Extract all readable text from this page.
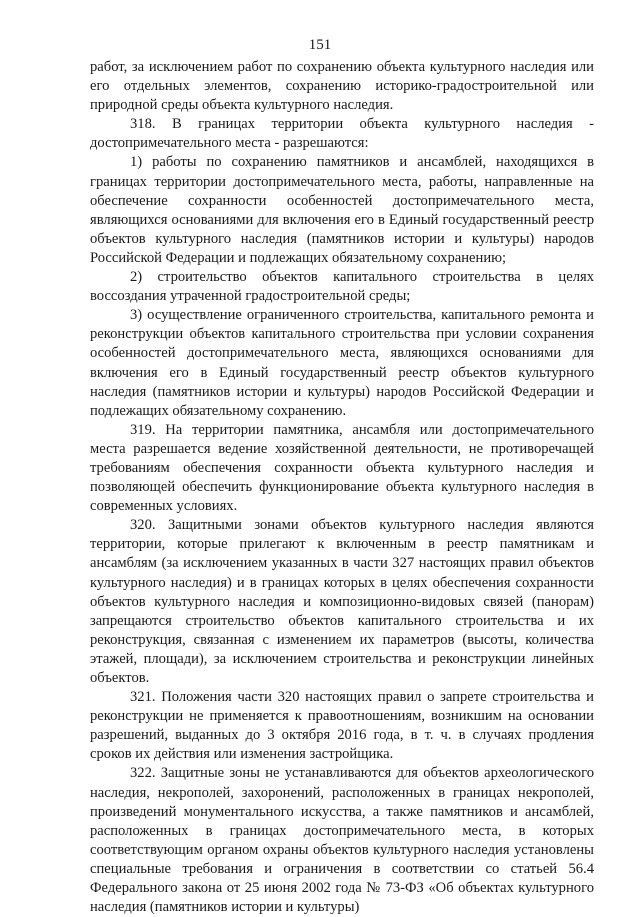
151

работ, за исключением работ по сохранению объекта культурного наследия или его отдельных элементов, сохранению историко-градостроительной или природной среды объекта культурного наследия.

318. В границах территории объекта культурного наследия - достопримечательного места - разрешаются:

1) работы по сохранению памятников и ансамблей, находящихся в границах территории достопримечательного места, работы, направленные на обеспечение сохранности особенностей достопримечательного места, являющихся основаниями для включения его в Единый государственный реестр объектов культурного наследия (памятников истории и культуры) народов Российской Федерации и подлежащих обязательному сохранению;

2) строительство объектов капитального строительства в целях воссоздания утраченной градостроительной среды;

3) осуществление ограниченного строительства, капитального ремонта и реконструкции объектов капитального строительства при условии сохранения особенностей достопримечательного места, являющихся основаниями для включения его в Единый государственный реестр объектов культурного наследия (памятников истории и культуры) народов Российской Федерации и подлежащих обязательному сохранению.

319. На территории памятника, ансамбля или достопримечательного места разрешается ведение хозяйственной деятельности, не противоречащей требованиям обеспечения сохранности объекта культурного наследия и позволяющей обеспечить функционирование объекта культурного наследия в современных условиях.

320. Защитными зонами объектов культурного наследия являются территории, которые прилегают к включенным в реестр памятникам и ансамблям (за исключением указанных в части 327 настоящих правил объектов культурного наследия) и в границах которых в целях обеспечения сохранности объектов культурного наследия и композиционно-видовых связей (панорам) запрещаются строительство объектов капитального строительства и их реконструкция, связанная с изменением их параметров (высоты, количества этажей, площади), за исключением строительства и реконструкции линейных объектов.

321. Положения части 320 настоящих правил о запрете строительства и реконструкции не применяется к правоотношениям, возникшим на основании разрешений, выданных до 3 октября 2016 года, в т. ч. в случаях продления сроков их действия или изменения застройщика.

322. Защитные зоны не устанавливаются для объектов археологического наследия, некрополей, захоронений, расположенных в границах некрополей, произведений монументального искусства, а также памятников и ансамблей, расположенных в границах достопримечательного места, в которых соответствующим органом охраны объектов культурного наследия установлены специальные требования и ограничения в соответствии со статьей 56.4 Федерального закона от 25 июня 2002 года № 73-ФЗ «Об объектах культурного наследия (памятников истории и культуры)
